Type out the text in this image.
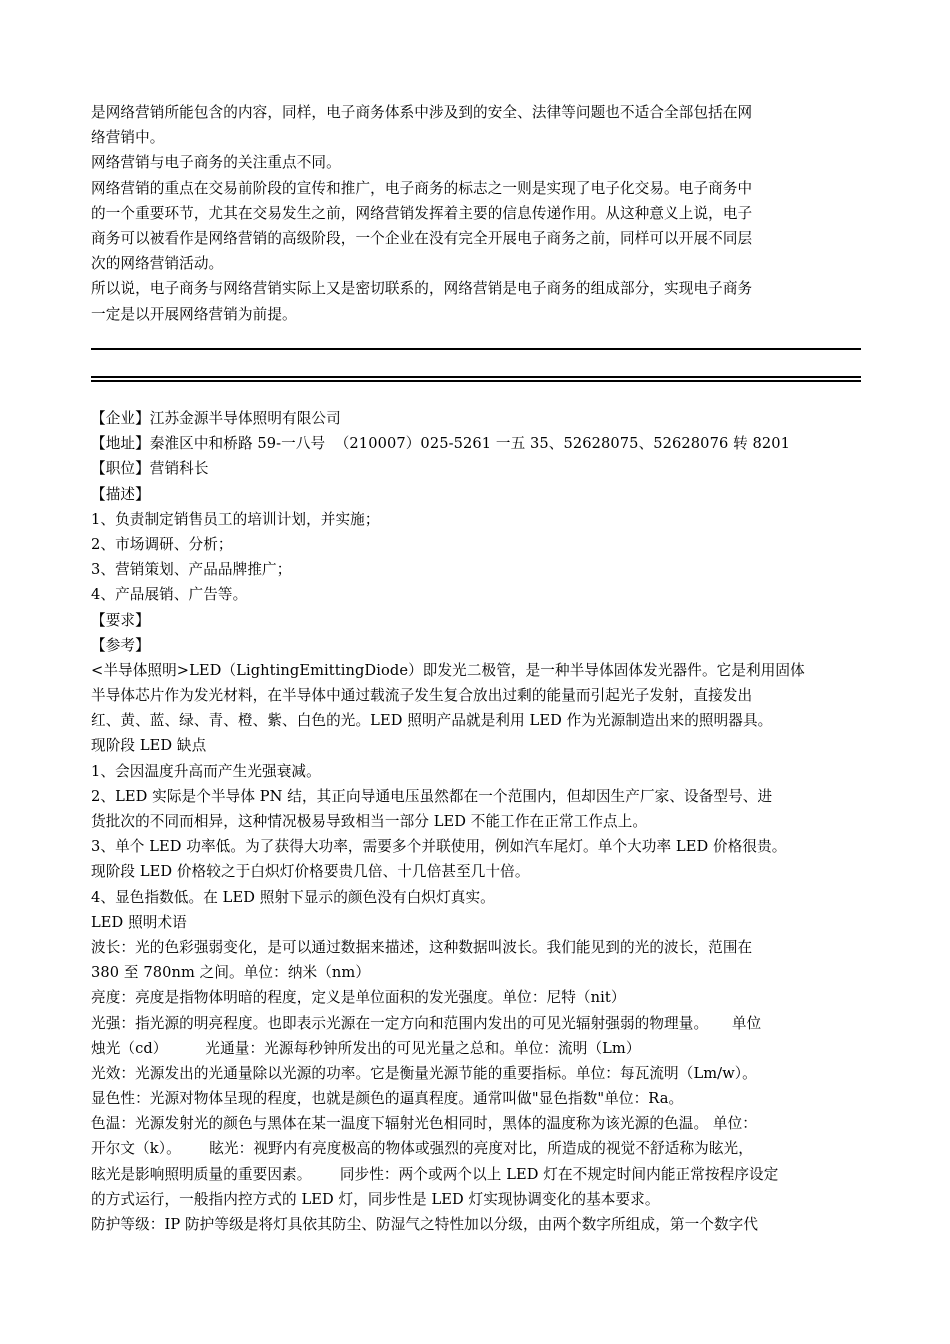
是网络营销所能包含的内容，同样，电子商务体系中涉及到的安全、法律等问题也不适合全部包括在网
络营销中。
网络营销与电子商务的关注重点不同。
网络营销的重点在交易前阶段的宣传和推广，电子商务的标志之一则是实现了电子化交易。电子商务中
的一个重要环节，尤其在交易发生之前，网络营销发挥着主要的信息传递作用。从这种意义上说，电子
商务可以被看作是网络营销的高级阶段，一个企业在没有完全开展电子商务之前，同样可以开展不同层
次的网络营销活动。
所以说，电子商务与网络营销实际上又是密切联系的，网络营销是电子商务的组成部分，实现电子商务
一定是以开展网络营销为前提。
【企业】江苏金源半导体照明有限公司
【地址】秦淮区中和桥路 59-一八号  （210007）025-5261 一五 35、52628075、52628076 转 8201
【职位】营销科长
【描述】
1、负责制定销售员工的培训计划，并实施；
2、市场调研、分析；
3、营销策划、产品品牌推广；
4、产品展销、广告等。
【要求】
【参考】
<半导体照明>LED（LightingEmittingDiode）即发光二极管，是一种半导体固体发光器件。它是利用固体
半导体芯片作为发光材料，在半导体中通过载流子发生复合放出过剩的能量而引起光子发射，直接发出
红、黄、蓝、绿、青、橙、紫、白色的光。LED 照明产品就是利用 LED 作为光源制造出来的照明器具。
现阶段 LED 缺点
1、会因温度升高而产生光强衰减。
2、LED 实际是个半导体 PN 结，其正向导通电压虽然都在一个范围内，但却因生产厂家、设备型号、进
货批次的不同而相异，这种情况极易导致相当一部分 LED 不能工作在正常工作点上。
3、单个 LED 功率低。为了获得大功率，需要多个并联使用，例如汽车尾灯。单个大功率 LED 价格很贵。
现阶段 LED 价格较之于白炽灯价格要贵几倍、十几倍甚至几十倍。
4、显色指数低。在 LED 照射下显示的颜色没有白炽灯真实。
LED 照明术语
波长：光的色彩强弱变化，是可以通过数据来描述，这种数据叫波长。我们能见到的光的波长，范围在
380 至 780nm 之间。单位：纳米（nm）
亮度：亮度是指物体明暗的程度，定义是单位面积的发光强度。单位：尼特（nit）
光强：指光源的明亮程度。也即表示光源在一定方向和范围内发出的可见光辐射强弱的物理量。     单位
烛光（cd）        光通量：光源每秒钟所发出的可见光量之总和。单位：流明（Lm）
光效：光源发出的光通量除以光源的功率。它是衡量光源节能的重要指标。单位：每瓦流明（Lm/w）。
显色性：光源对物体呈现的程度，也就是颜色的逼真程度。通常叫做"显色指数"单位：Ra。
色温：光源发射光的颜色与黑体在某一温度下辐射光色相同时，黑体的温度称为该光源的色温。 单位：
开尔文（k）。      眩光：视野内有亮度极高的物体或强烈的亮度对比，所造成的视觉不舒适称为眩光，
眩光是影响照明质量的重要因素。      同步性：两个或两个以上 LED 灯在不规定时间内能正常按程序设定
的方式运行，一般指内控方式的 LED 灯，同步性是 LED 灯实现协调变化的基本要求。
防护等级：IP 防护等级是将灯具依其防尘、防湿气之特性加以分级，由两个数字所组成，第一个数字代
